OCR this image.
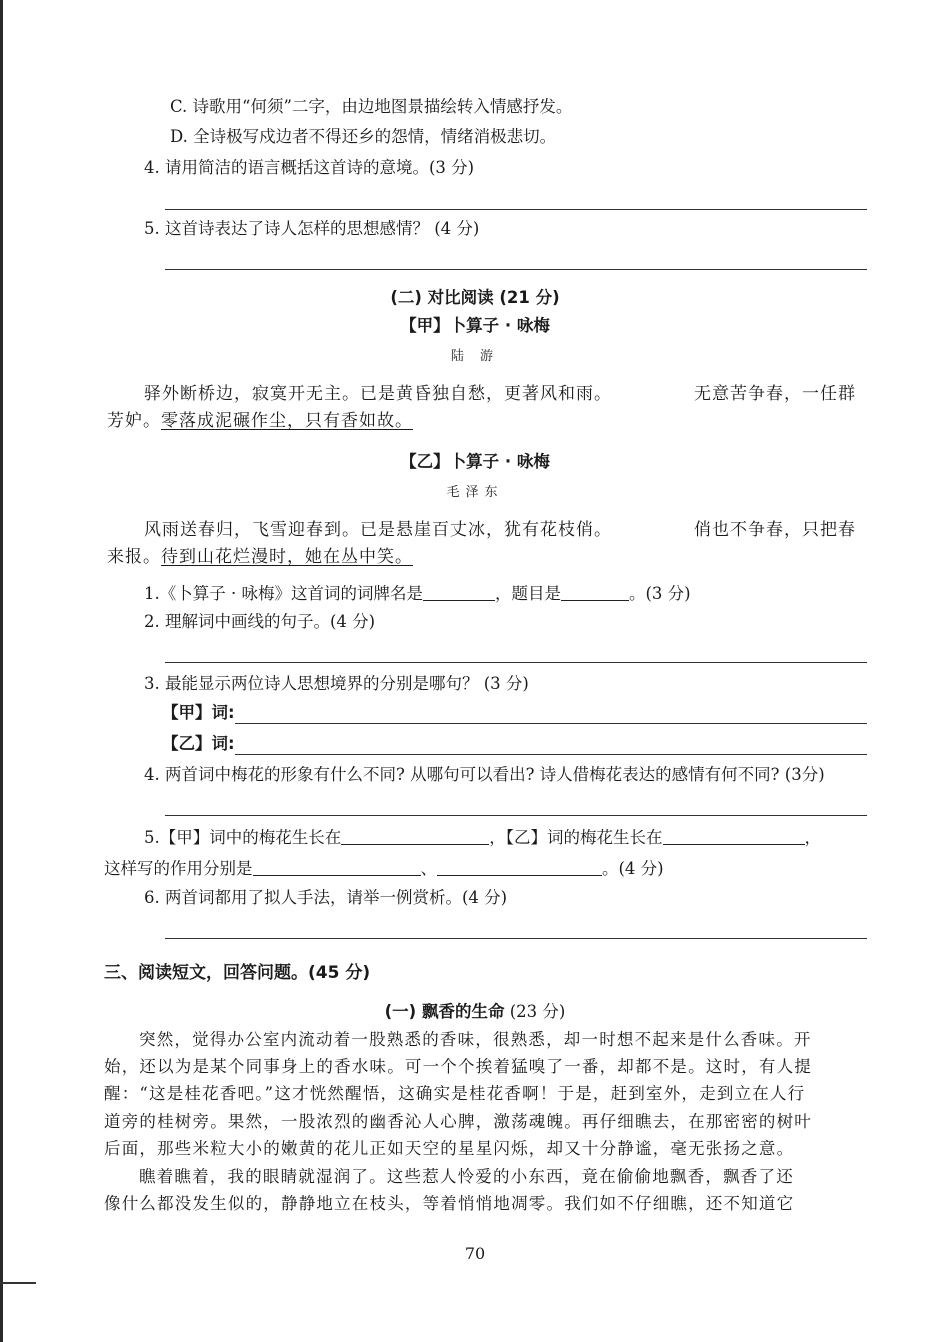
C. 诗歌用“何须”二字，由边地图景描绘转入情感抒发。
D. 全诗极写戍边者不得还乡的怨情，情绪消极悲切。
4. 请用简洁的语言概括这首诗的意境。(3 分)
5. 这首诗表达了诗人怎样的思想感情？ (4 分)
(二) 对比阅读 (21 分)
【甲】卜算子 · 咏梅
陆 游
驿外断桥边，寂寞开无主。已是黄昏独自愁，更著风和雨。	无意苦争春，一任群
芳妒。零落成泥碾作尘，只有香如故。
【乙】卜算子 · 咏梅
毛泽东
风雨送春归，飞雪迎春到。已是悬崖百丈冰，犹有花枝俏。	俏也不争春，只把春
来报。待到山花烂漫时，她在丛中笑。
1.《卜算子 · 咏梅》这首词的词牌名是	，题目是	。(3 分)
2. 理解词中画线的句子。(4 分)
3. 最能显示两位诗人思想境界的分别是哪句？ (3 分)
【甲】词:
【乙】词:
4. 两首词中梅花的形象有什么不同? 从哪句可以看出? 诗人借梅花表达的感情有何不同? (3分)
5.【甲】词中的梅花生长在	，【乙】词的梅花生长在	，
这样写的作用分别是	、	。(4 分)
6. 两首词都用了拟人手法，请举一例赏析。(4 分)
三、阅读短文，回答问题。(45 分)
(一) 飘香的生命 (23 分)
突然，觉得办公室内流动着一股熟悉的香味，很熟悉，却一时想不起来是什么香味。开
始，还以为是某个同事身上的香水味。可一个个挨着猛嗅了一番，却都不是。这时，有人提
醒：“这是桂花香吧。”这才恍然醒悟，这确实是桂花香啊！于是，赶到室外，走到立在人行
道旁的桂树旁。果然，一股浓烈的幽香沁人心脾，激荡魂魄。再仔细瞧去，在那密密的树叶
后面，那些米粒大小的嫩黄的花儿正如天空的星星闪烁，却又十分静谧，毫无张扬之意。
瞧着瞧着，我的眼睛就湿润了。这些惹人怜爱的小东西，竟在偷偷地飘香，飘香了还
像什么都没发生似的，静静地立在枝头，等着悄悄地凋零。我们如不仔细瞧，还不知道它
70
